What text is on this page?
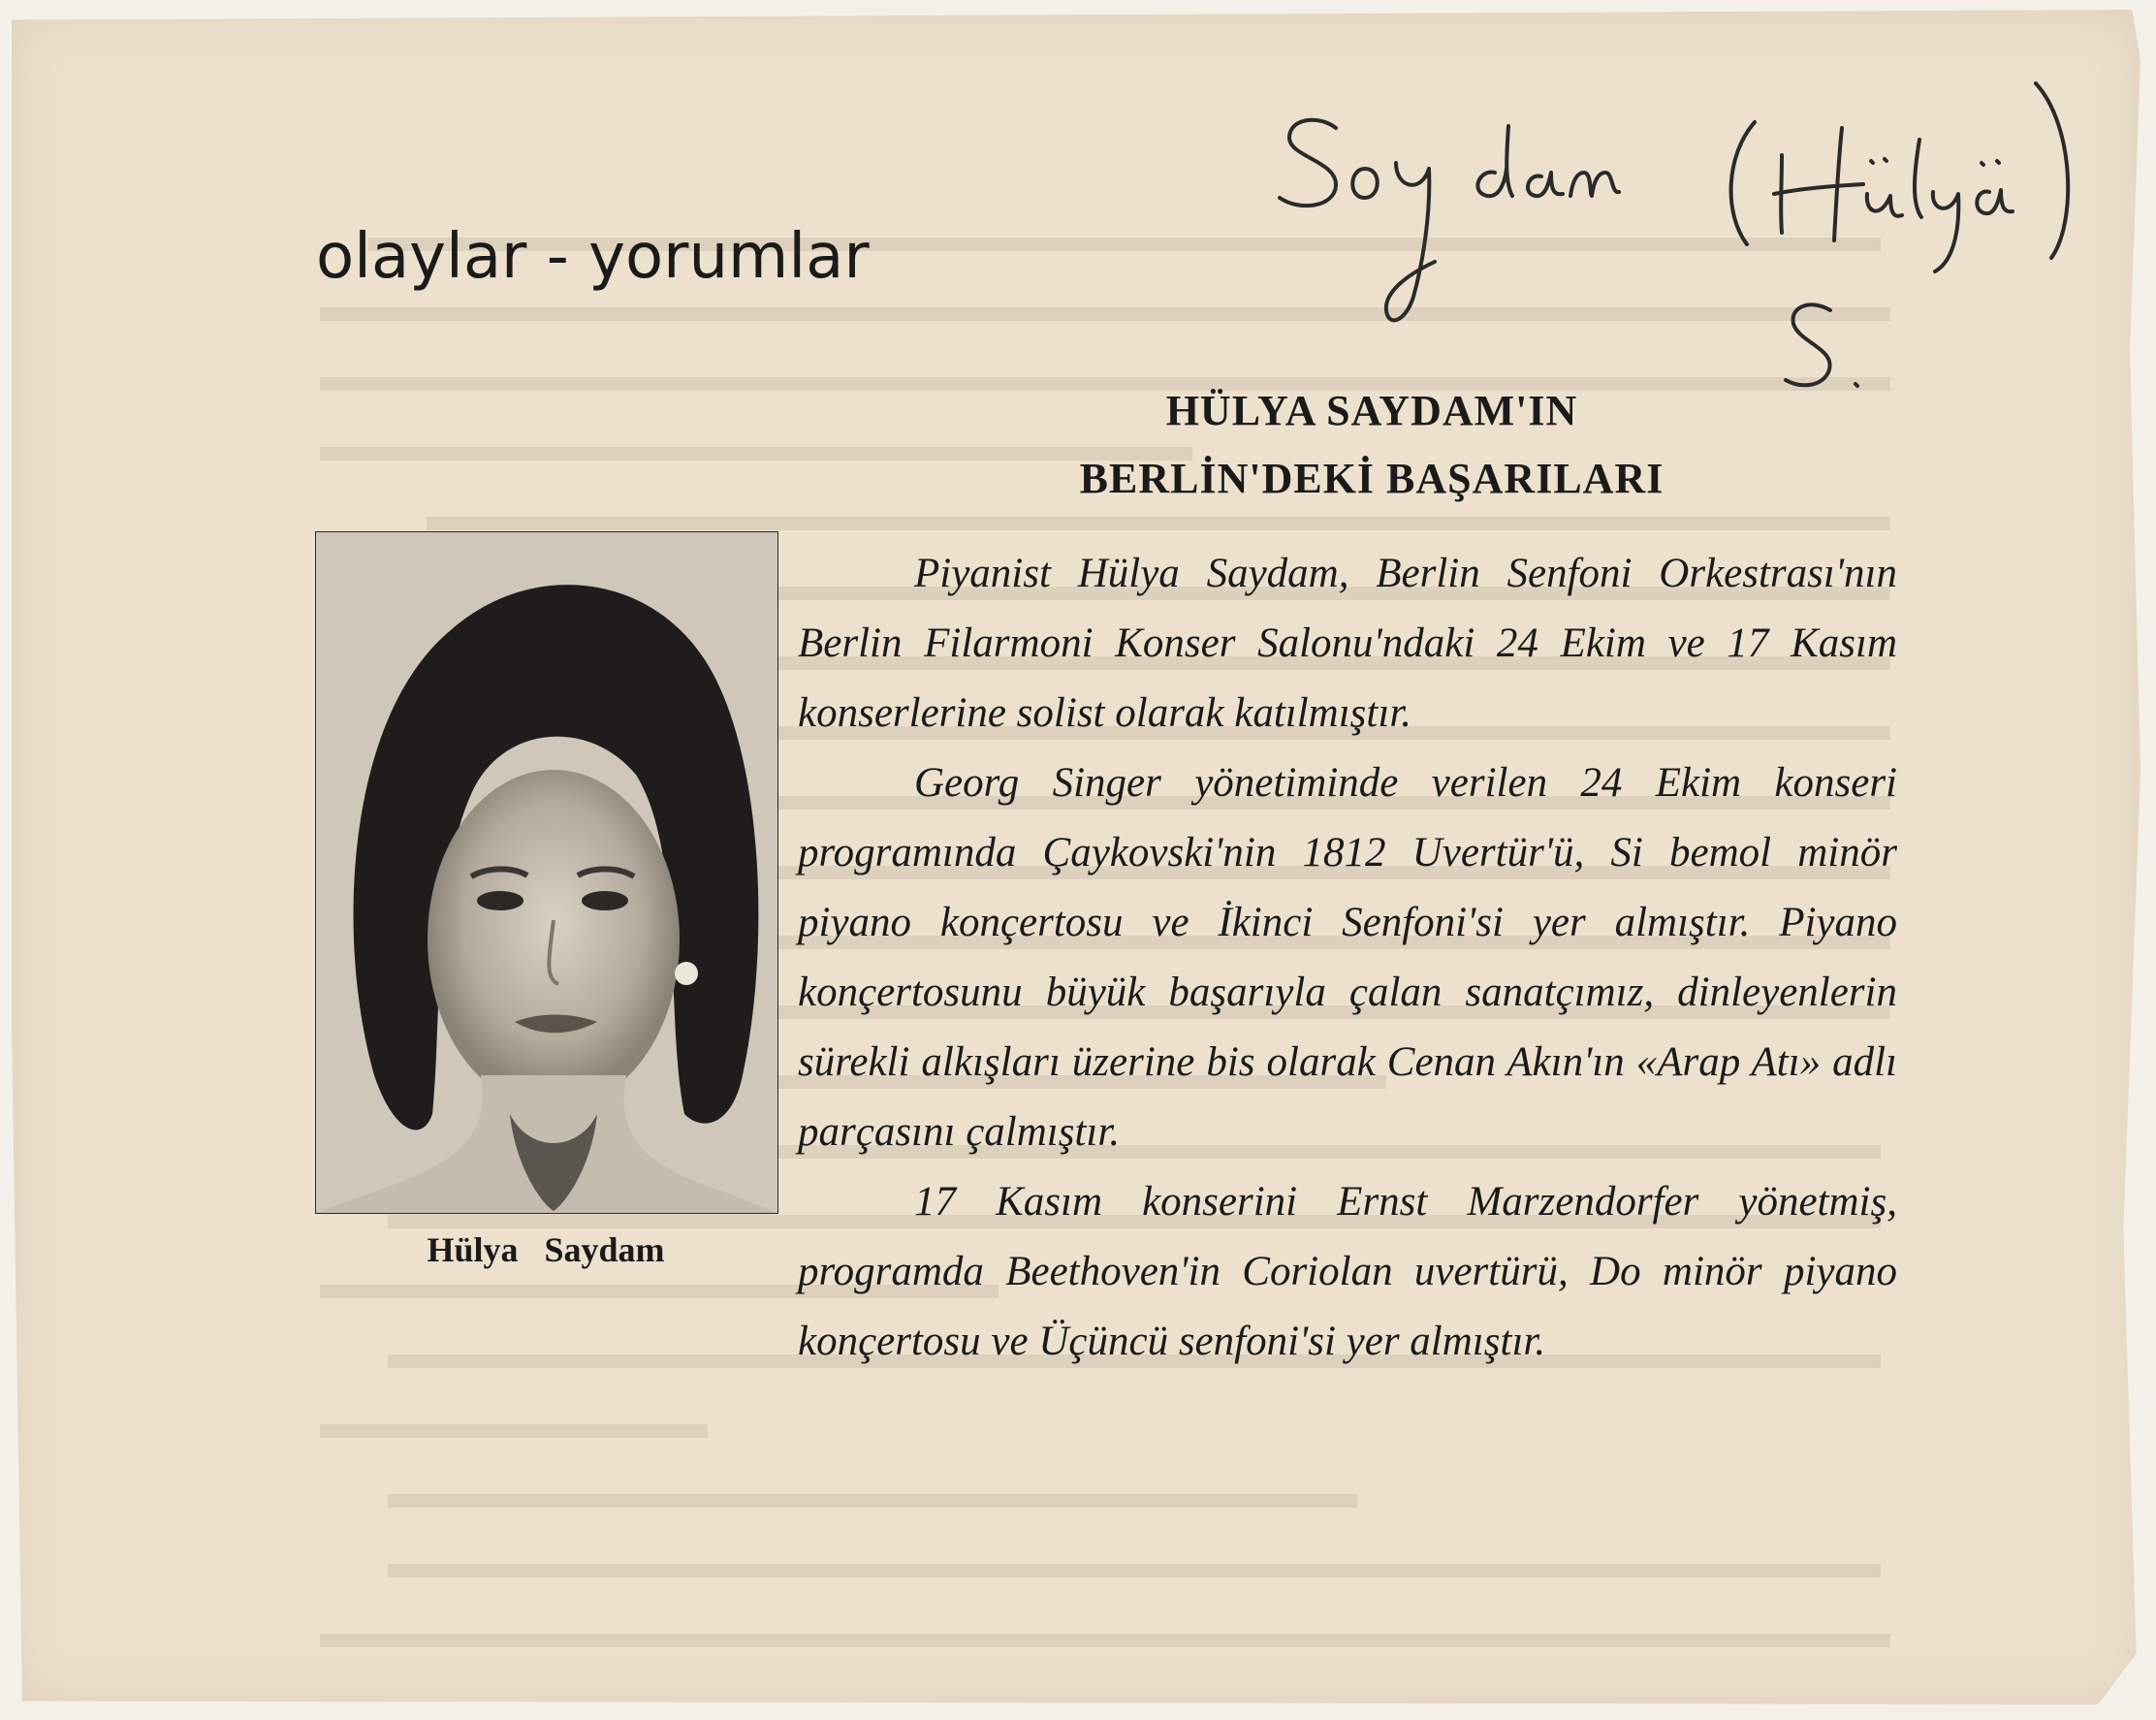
olaylar - yorumlar
HÜLYA SAYDAM'IN
BERLİN'DEKİ BAŞARILARI
Hülya Saydam

Piyanist Hülya Saydam, Berlin Senfoni Orkestrası'nın Berlin Filarmoni Konser Salonu'ndaki 24 Ekim ve 17 Kasım konserlerine solist olarak katılmıştır.

Georg Singer yönetiminde verilen 24 Ekim konseri programında Çaykovski'nin 1812 Uvertür'ü, Si bemol minör piyano konçertosu ve İkinci Senfoni'si yer almıştır. Piyano konçertosunu büyük başarıyla çalan sanatçımız, dinleyenlerin sürekli alkışları üzerine bis olarak Cenan Akın'ın «Arap Atı» adlı parçasını çalmıştır.

17 Kasım konserini Ernst Marzendorfer yönetmiş, programda Beethoven'in Coriolan uvertürü, Do minör piyano konçertosu ve Üçüncü senfoni'si yer almıştır.
